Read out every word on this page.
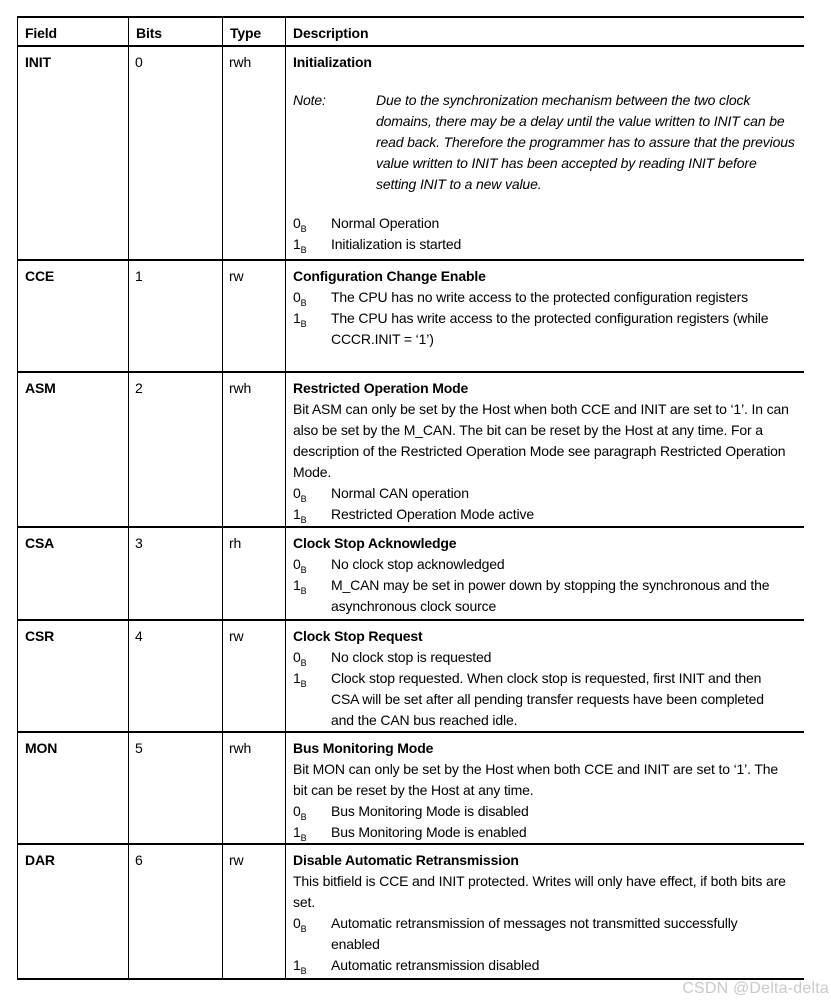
Field	Bits	Type	Description
INIT	0	rwh	Initialization
Note:	Due to the synchronization mechanism between the two clock domains, there may be a delay until the value written to INIT can be read back. Therefore the programmer has to assure that the previous value written to INIT has been accepted by reading INIT before setting INIT to a new value.
$0_B$	Normal Operation
$1_B$	Initialization is started
CCE	1	rw	Configuration Change Enable
$0_B$	The CPU has no write access to the protected configuration registers
$1_B$	The CPU has write access to the protected configuration registers (while CCCR.INIT = ‘1’)
ASM	2	rwh	Restricted Operation Mode
Bit ASM can only be set by the Host when both CCE and INIT are set to ‘1’. In can also be set by the M_CAN. The bit can be reset by the Host at any time. For a description of the Restricted Operation Mode see paragraph Restricted Operation Mode.
$0_B$	Normal CAN operation
$1_B$	Restricted Operation Mode active
CSA	3	rh	Clock Stop Acknowledge
$0_B$	No clock stop acknowledged
$1_B$	M_CAN may be set in power down by stopping the synchronous and the asynchronous clock source
CSR	4	rw	Clock Stop Request
$0_B$	No clock stop is requested
$1_B$	Clock stop requested. When clock stop is requested, first INIT and then CSA will be set after all pending transfer requests have been completed and the CAN bus reached idle.
MON	5	rwh	Bus Monitoring Mode
Bit MON can only be set by the Host when both CCE and INIT are set to ‘1’. The bit can be reset by the Host at any time.
$0_B$	Bus Monitoring Mode is disabled
$1_B$	Bus Monitoring Mode is enabled
DAR	6	rw	Disable Automatic Retransmission
This bitfield is CCE and INIT protected. Writes will only have effect, if both bits are set.
$0_B$	Automatic retransmission of messages not transmitted successfully enabled
$1_B$	Automatic retransmission disabled
CSDN @Delta-delta
